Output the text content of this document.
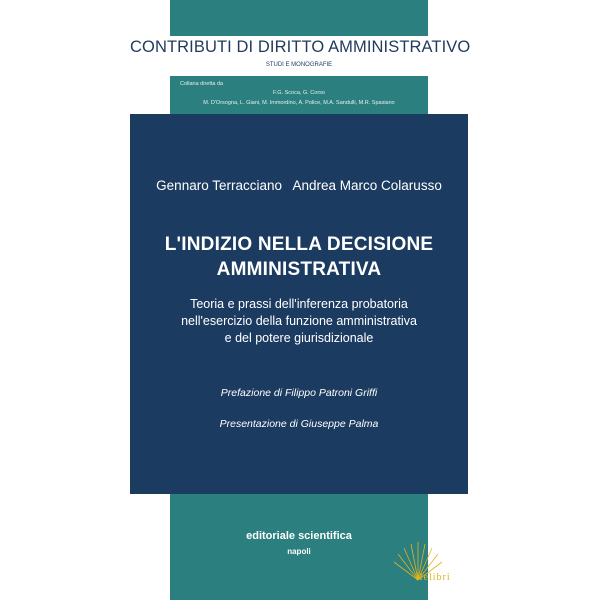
CONTRIBUTI DI DIRITTO AMMINISTRATIVO
STUDI E MONOGRAFIE
Collana diretta da
F.G. Scoca, G. Corso
M. D'Orsogna, L. Giani, M. Immordino, A. Police, M.A. Sandulli, M.R. Spasiano
Gennaro Terracciano   Andrea Marco Colarusso
L'INDIZIO NELLA DECISIONE
AMMINISTRATIVA
Teoria e prassi dell'inferenza probatoria
nell'esercizio della funzione amministrativa
e del potere giurisdizionale
Prefazione di Filippo Patroni Griffi
Presentazione di Giuseppe Palma
editoriale scientifica
napoli
ilelibri
